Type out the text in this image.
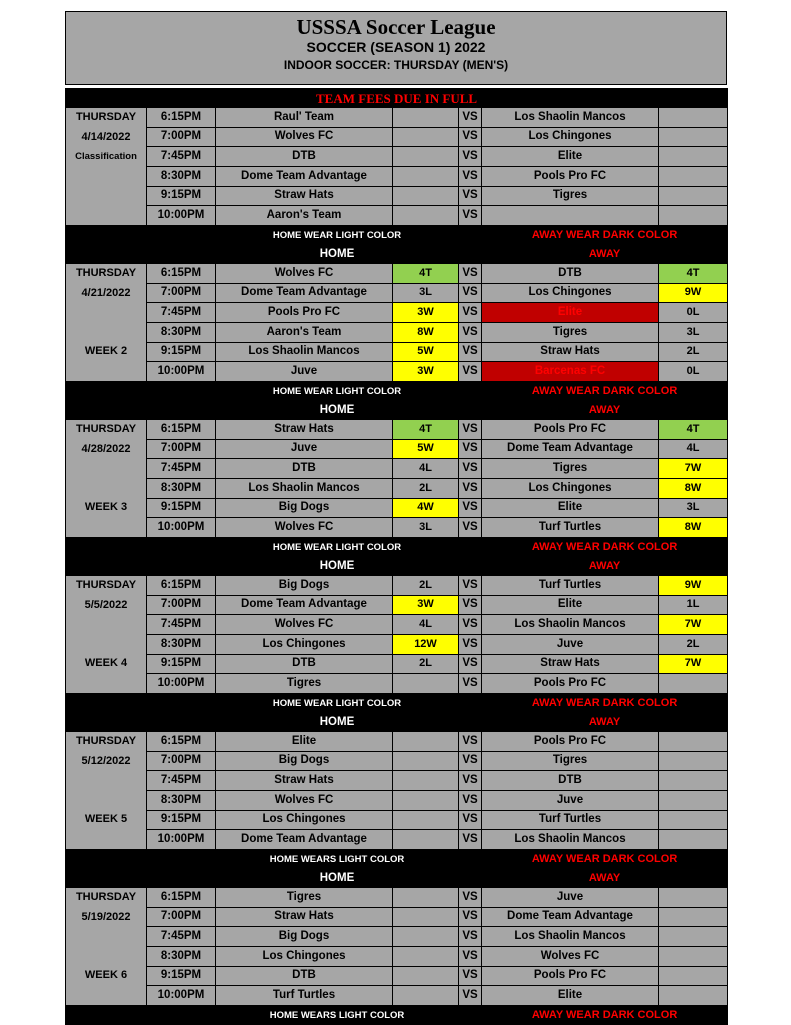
USSSA Soccer League
SOCCER (SEASON 1) 2022
INDOOR SOCCER: THURSDAY (MEN'S)
TEAM FEES DUE IN FULL						

THURSDAY
4/14/2022
Classification	6:15PM	Raul' Team		VS	Los Shaolin Mancos	
	7:00PM	Wolves FC		VS	Los Chingones	
	7:45PM	DTB		VS	Elite	
	8:30PM	Dome Team Advantage		VS	Pools Pro FC	
	9:15PM	Straw Hats		VS	Tigres	
	10:00PM	Aaron's Team		VS		
		HOME WEAR LIGHT COLOR			AWAY WEAR DARK COLOR	
		HOME			AWAY	

THURSDAY
4/21/2022
WEEK 2	6:15PM	Wolves FC	4T	VS	DTB	4T
	7:00PM	Dome Team Advantage	3L	VS	Los Chingones	9W
	7:45PM	Pools Pro FC	3W	VS	Elite	0L
	8:30PM	Aaron's Team	8W	VS	Tigres	3L
	9:15PM	Los Shaolin Mancos	5W	VS	Straw Hats	2L
	10:00PM	Juve	3W	VS	Barcenas FC	0L
		HOME WEAR LIGHT COLOR			AWAY WEAR DARK COLOR	
		HOME			AWAY	

THURSDAY
4/28/2022
WEEK 3	6:15PM	Straw Hats	4T	VS	Pools Pro FC	4T
	7:00PM	Juve	5W	VS	Dome Team Advantage	4L
	7:45PM	DTB	4L	VS	Tigres	7W
	8:30PM	Los Shaolin Mancos	2L	VS	Los Chingones	8W
	9:15PM	Big Dogs	4W	VS	Elite	3L
	10:00PM	Wolves FC	3L	VS	Turf Turtles	8W
		HOME WEAR LIGHT COLOR			AWAY WEAR DARK COLOR	
		HOME			AWAY	

THURSDAY
5/5/2022
WEEK 4	6:15PM	Big Dogs	2L	VS	Turf Turtles	9W
	7:00PM	Dome Team Advantage	3W	VS	Elite	1L
	7:45PM	Wolves FC	4L	VS	Los Shaolin Mancos	7W
	8:30PM	Los Chingones	12W	VS	Juve	2L
	9:15PM	DTB	2L	VS	Straw Hats	7W
	10:00PM	Tigres		VS	Pools Pro FC	
		HOME WEAR LIGHT COLOR			AWAY WEAR DARK COLOR	
		HOME			AWAY	

THURSDAY
5/12/2022
WEEK 5	6:15PM	Elite		VS	Pools Pro FC	
	7:00PM	Big Dogs		VS	Tigres	
	7:45PM	Straw Hats		VS	DTB	
	8:30PM	Wolves FC		VS	Juve	
	9:15PM	Los Chingones		VS	Turf Turtles	
	10:00PM	Dome Team Advantage		VS	Los Shaolin Mancos	
		HOME WEARS LIGHT COLOR			AWAY WEAR DARK COLOR	
		HOME			AWAY	

THURSDAY
5/19/2022
WEEK 6	6:15PM	Tigres		VS	Juve	
	7:00PM	Straw Hats		VS	Dome Team Advantage	
	7:45PM	Big Dogs		VS	Los Shaolin Mancos	
	8:30PM	Los Chingones		VS	Wolves FC	
	9:15PM	DTB		VS	Pools Pro FC	
	10:00PM	Turf Turtles		VS	Elite	
		HOME WEARS LIGHT COLOR			AWAY WEAR DARK COLOR	
